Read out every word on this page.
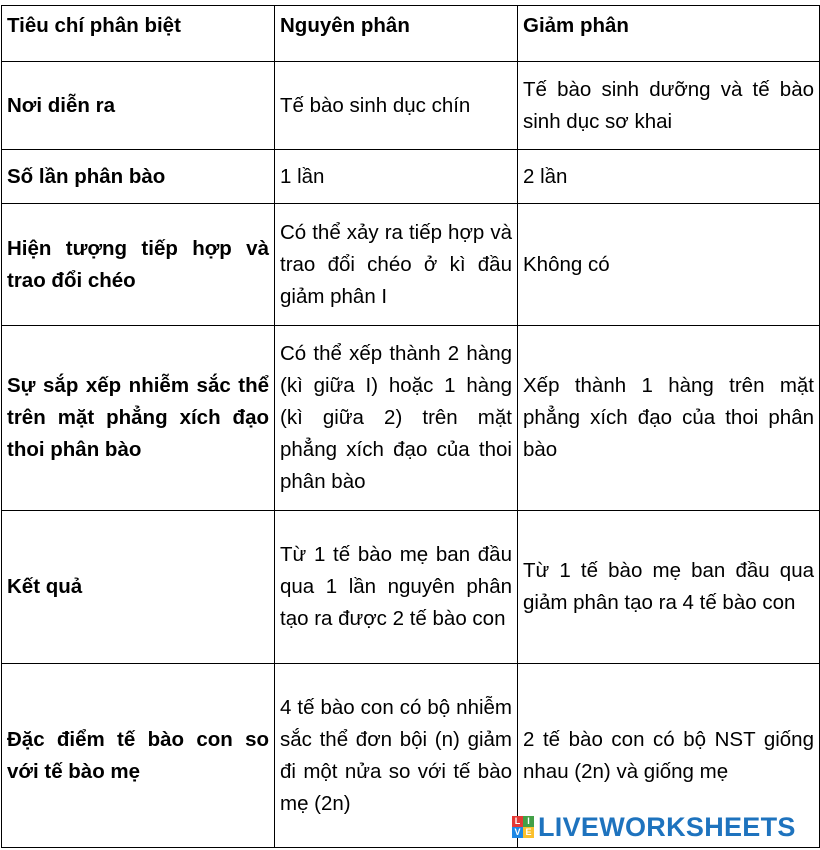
Tiêu chí phân biệt	Nguyên phân	Giảm phân
Nơi diễn ra	Tế bào sinh dục chín	Tế bào sinh dưỡng và tế bào sinh dục sơ khai
Số lần phân bào	1 lần	2 lần
Hiện tượng tiếp hợp và trao đổi chéo	Có thể xảy ra tiếp hợp và trao đổi chéo ở kì đầu giảm phân I	Không có
Sự sắp xếp nhiễm sắc thể trên mặt phẳng xích đạo thoi phân bào	Có thể xếp thành 2 hàng (kì giữa I) hoặc 1 hàng (kì giữa 2) trên mặt phẳng xích đạo của thoi phân bào	Xếp thành 1 hàng trên mặt phẳng xích đạo của thoi phân bào
Kết quả	Từ 1 tế bào mẹ ban đầu qua 1 lần nguyên phân tạo ra được 2 tế bào con	Từ 1 tế bào mẹ ban đầu qua giảm phân tạo ra 4 tế bào con
Đặc điểm tế bào con so với tế bào mẹ	4 tế bào con có bộ nhiễm sắc thể đơn bội (n) giảm đi một nửa so với tế bào mẹ (2n)	2 tế bào con có bộ NST giống nhau (2n) và giống mẹ
L I
V E LIVEWORKSHEETS
